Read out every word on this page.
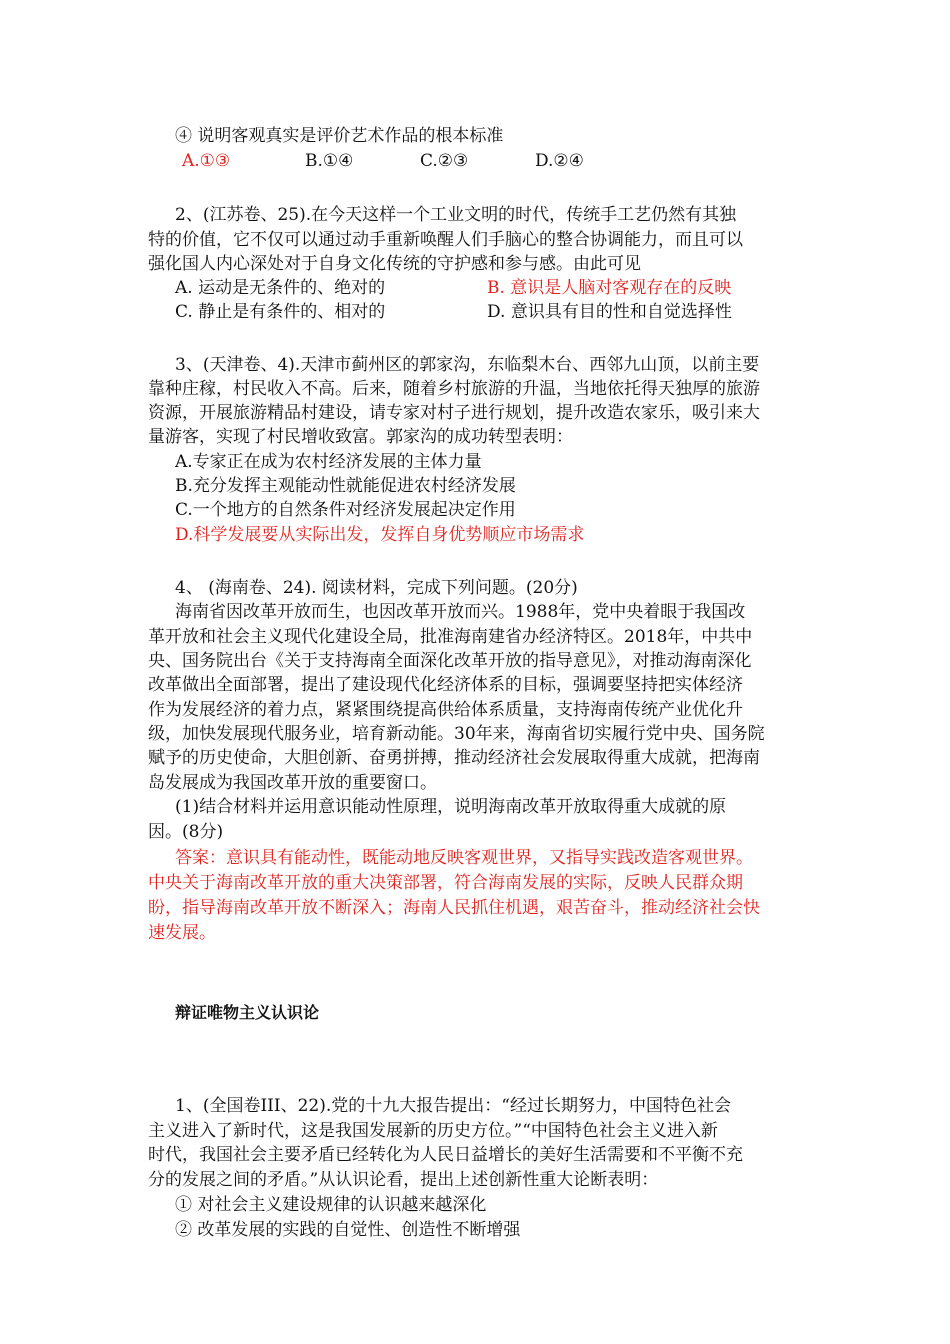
④ 说明客观真实是评价艺术作品的根本标准
A.①③	B.①④	C.②③	D.②④
2、(江苏卷、25).在今天这样一个工业文明的时代，传统手工艺仍然有其独
特的价值，它不仅可以通过动手重新唤醒人们手脑心的整合协调能力，而且可以
强化国人内心深处对于自身文化传统的守护感和参与感。由此可见
A. 运动是无条件的、绝对的	B. 意识是人脑对客观存在的反映
C. 静止是有条件的、相对的	D. 意识具有目的性和自觉选择性
3、(天津卷、4).天津市蓟州区的郭家沟，东临梨木台、西邻九山顶，以前主要
靠种庄稼，村民收入不高。后来，随着乡村旅游的升温，当地依托得天独厚的旅游
资源，开展旅游精品村建设，请专家对村子进行规划，提升改造农家乐，吸引来大
量游客，实现了村民增收致富。郭家沟的成功转型表明：
A.专家正在成为农村经济发展的主体力量
B.充分发挥主观能动性就能促进农村经济发展
C.一个地方的自然条件对经济发展起决定作用
D.科学发展要从实际出发，发挥自身优势顺应市场需求
4、 (海南卷、24). 阅读材料，完成下列问题。(20分)
海南省因改革开放而生，也因改革开放而兴。1988年，党中央着眼于我国改
革开放和社会主义现代化建设全局，批准海南建省办经济特区。2018年，中共中
央、国务院出台《关于支持海南全面深化改革开放的指导意见》，对推动海南深化
改革做出全面部署，提出了建设现代化经济体系的目标，强调要坚持把实体经济
作为发展经济的着力点，紧紧围绕提高供给体系质量，支持海南传统产业优化升
级，加快发展现代服务业，培育新动能。30年来，海南省切实履行党中央、国务院
赋予的历史使命，大胆创新、奋勇拼搏，推动经济社会发展取得重大成就，把海南
岛发展成为我国改革开放的重要窗口。
(1)结合材料并运用意识能动性原理，说明海南改革开放取得重大成就的原
因。(8分)
答案：意识具有能动性，既能动地反映客观世界，又指导实践改造客观世界。
中央关于海南改革开放的重大决策部署，符合海南发展的实际，反映人民群众期
盼，指导海南改革开放不断深入；海南人民抓住机遇，艰苦奋斗，推动经济社会快
速发展。
辩证唯物主义认识论
1、(全国卷III、22).党的十九大报告提出：“经过长期努力，中国特色社会
主义进入了新时代，这是我国发展新的历史方位。”“中国特色社会主义进入新
时代，我国社会主要矛盾已经转化为人民日益增长的美好生活需要和不平衡不充
分的发展之间的矛盾。”从认识论看，提出上述创新性重大论断表明：
① 对社会主义建设规律的认识越来越深化
② 改革发展的实践的自觉性、创造性不断增强
